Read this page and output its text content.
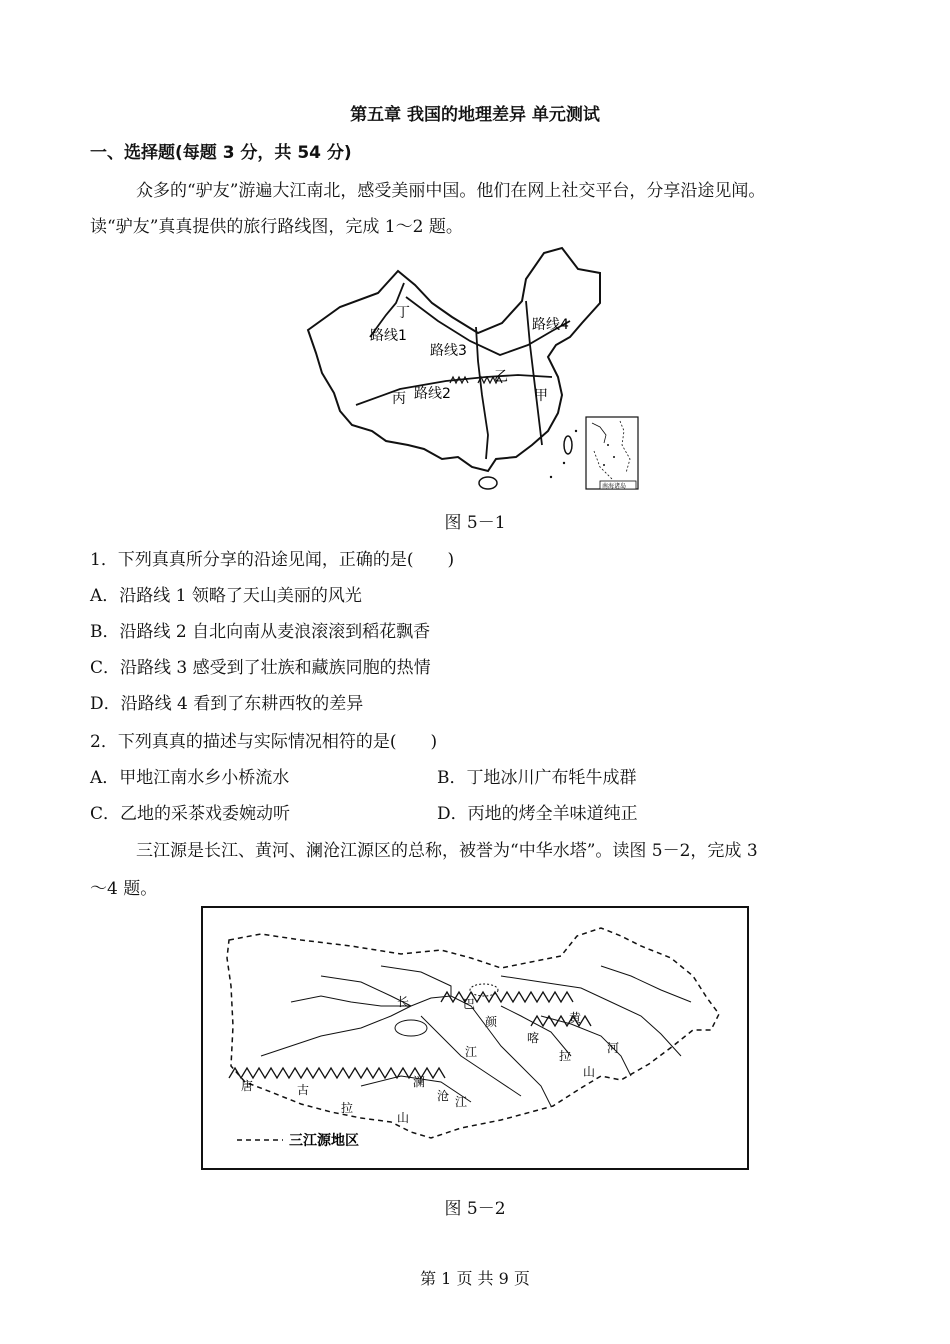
第五章 我国的地理差异 单元测试
一、选择题(每题 3 分，共 54 分)
众多的“驴友”游遍大江南北，感受美丽中国。他们在网上社交平台，分享沿途见闻。
读“驴友”真真提供的旅行路线图，完成 1～2 题。
丁
路线1
路线3
路线4
乙
丙 路线2	甲
南海诸岛
图 5－1
1．下列真真所分享的沿途见闻，正确的是(　　)
A．沿路线 1 领略了天山美丽的风光
B．沿路线 2 自北向南从麦浪滚滚到稻花飘香
C．沿路线 3 感受到了壮族和藏族同胞的热情
D．沿路线 4 看到了东耕西牧的差异
2．下列真真的描述与实际情况相符的是(　　)
A．甲地江南水乡小桥流水	B．丁地冰川广布牦牛成群
C．乙地的采茶戏委婉动听	D．丙地的烤全羊味道纯正
三江源是长江、黄河、澜沧江源区的总称，被誉为“中华水塔”。读图 5－2，完成 3
～4 题。
长
江
黄
河
巴
颜
喀
拉
山
唐	古
拉
山
澜
沧 江
三江源地区
图 5－2
第 1 页 共 9 页
